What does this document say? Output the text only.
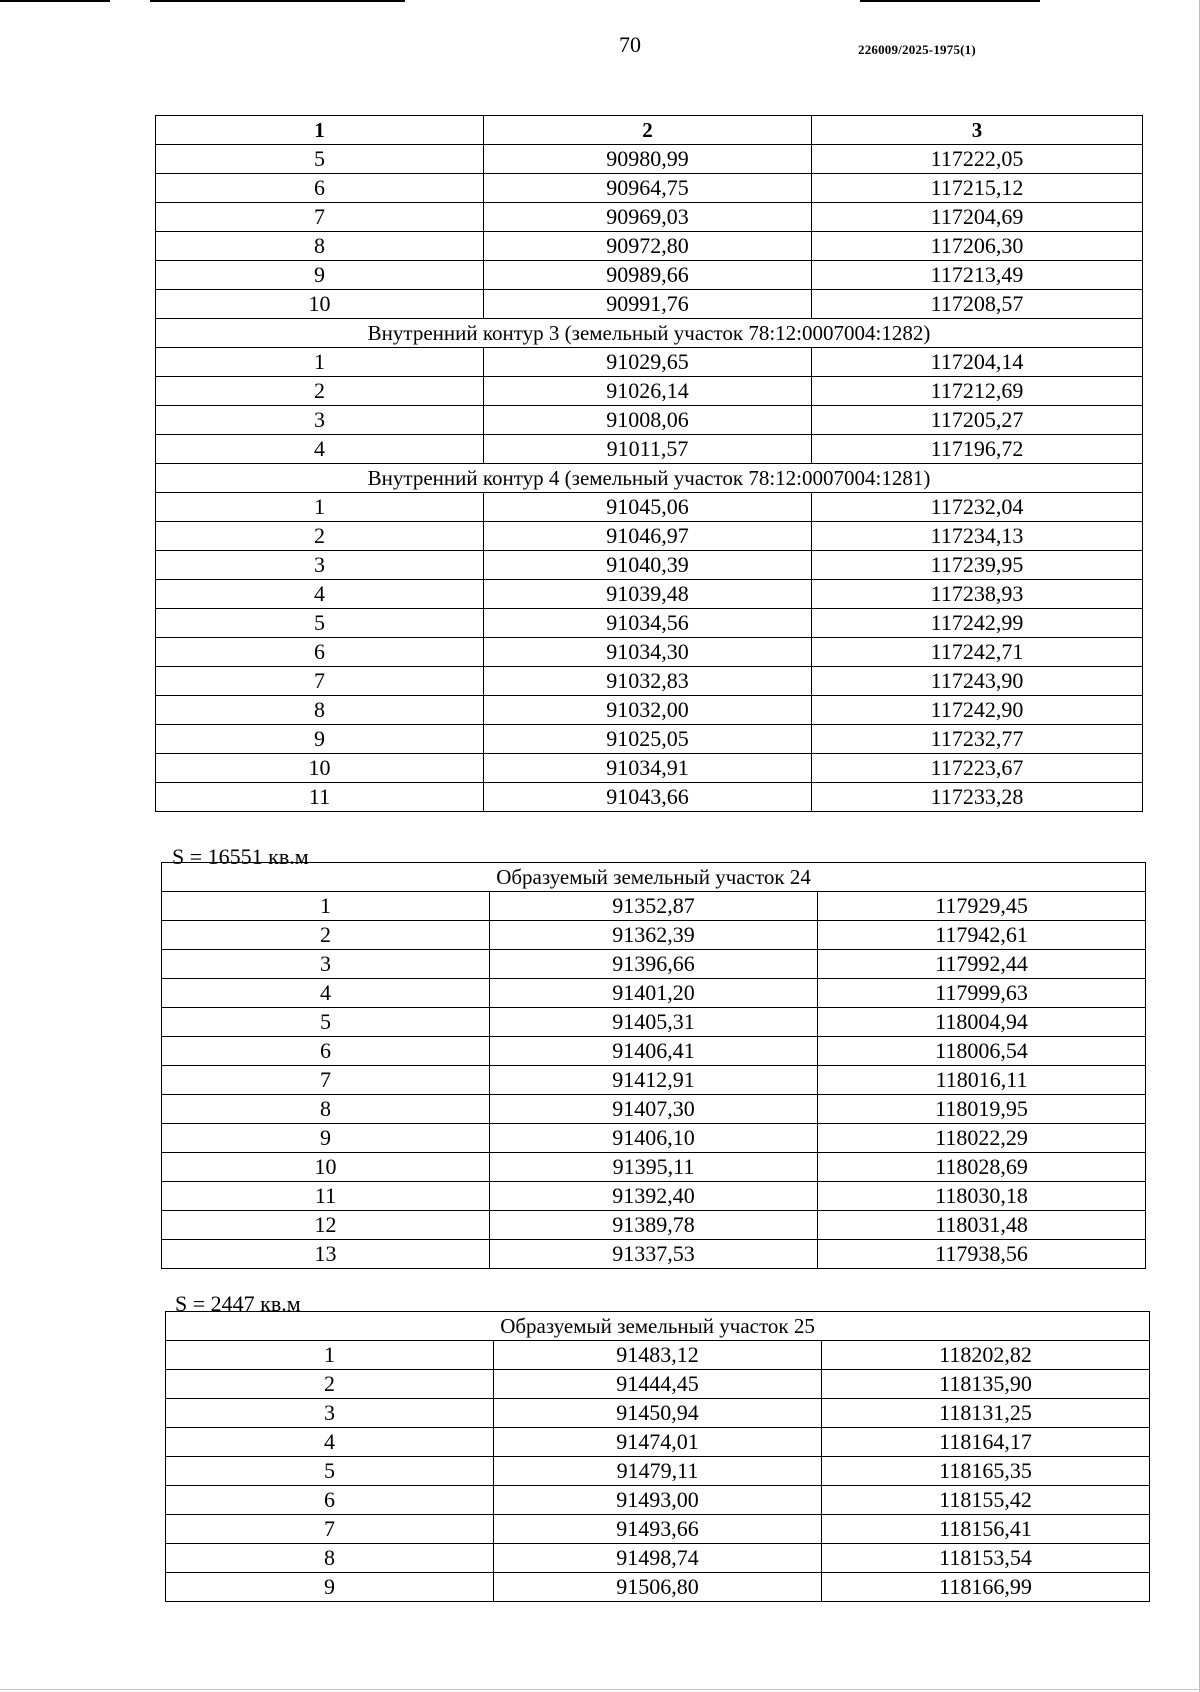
70	226009/2025-1975(1)
1	2	3
5	90980,99	117222,05
6	90964,75	117215,12
7	90969,03	117204,69
8	90972,80	117206,30
9	90989,66	117213,49
10	90991,76	117208,57
Внутренний контур 3 (земельный участок 78:12:0007004:1282)		
1	91029,65	117204,14
2	91026,14	117212,69
3	91008,06	117205,27
4	91011,57	117196,72
Внутренний контур 4 (земельный участок 78:12:0007004:1281)		
1	91045,06	117232,04
2	91046,97	117234,13
3	91040,39	117239,95
4	91039,48	117238,93
5	91034,56	117242,99
6	91034,30	117242,71
7	91032,83	117243,90
8	91032,00	117242,90
9	91025,05	117232,77
10	91034,91	117223,67
11	91043,66	117233,28
S = 16551 кв.м
Образуемый земельный участок 24		
1	91352,87	117929,45
2	91362,39	117942,61
3	91396,66	117992,44
4	91401,20	117999,63
5	91405,31	118004,94
6	91406,41	118006,54
7	91412,91	118016,11
8	91407,30	118019,95
9	91406,10	118022,29
10	91395,11	118028,69
11	91392,40	118030,18
12	91389,78	118031,48
13	91337,53	117938,56
S = 2447 кв.м
Образуемый земельный участок 25		
1	91483,12	118202,82
2	91444,45	118135,90
3	91450,94	118131,25
4	91474,01	118164,17
5	91479,11	118165,35
6	91493,00	118155,42
7	91493,66	118156,41
8	91498,74	118153,54
9	91506,80	118166,99
